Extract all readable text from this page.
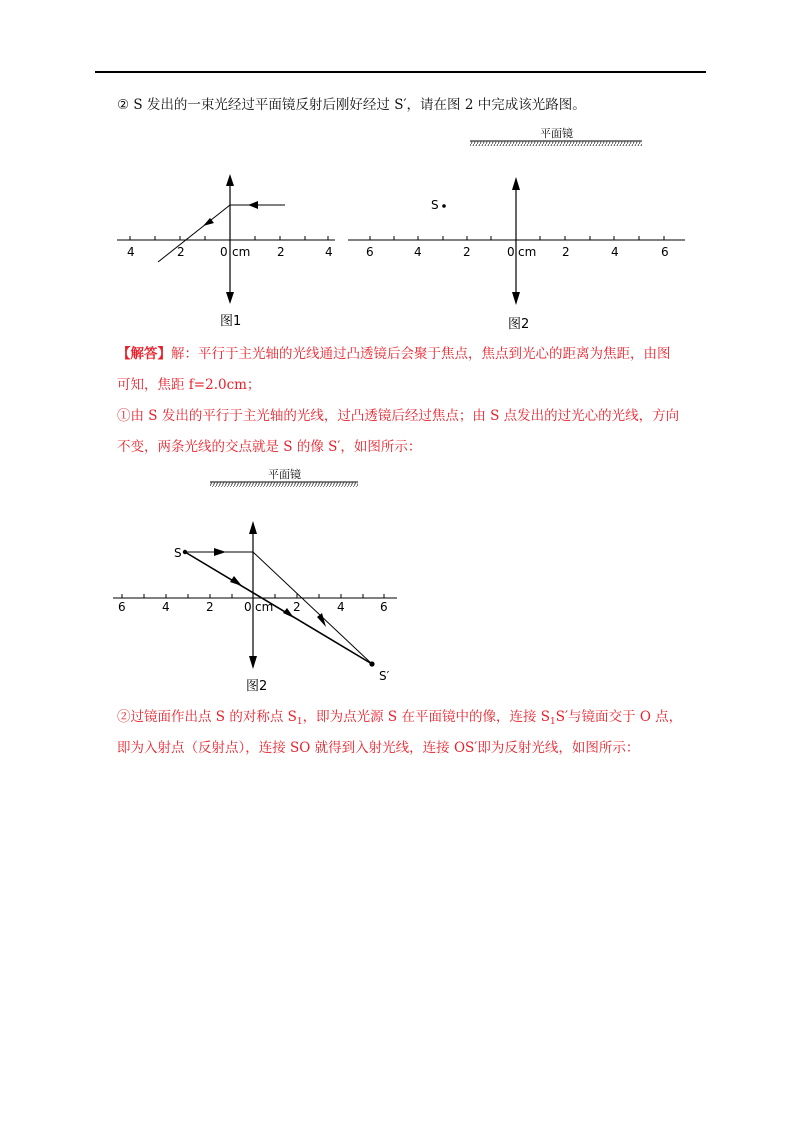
② S 发出的一束光经过平面镜反射后刚好经过 S′，请在图 2 中完成该光路图。
4	2	0 cm 2	4
图1
平面镜
S
6	4	2	0 cm 2	4	6
图2
平面镜
S
S′
6	4	2	0 cm 2	4	6
图2
【解答】解：平行于主光轴的光线通过凸透镜后会聚于焦点，焦点到光心的距离为焦距，由图
可知，焦距 f=2.0cm；
①由 S 发出的平行于主光轴的光线，过凸透镜后经过焦点；由 S 点发出的过光心的光线，方向
不变，两条光线的交点就是 S 的像 S′，如图所示：
②过镜面作出点 S 的对称点 $S_1$，即为点光源 S 在平面镜中的像，连接 $S_1S'$与镜面交于 O 点，
即为入射点（反射点），连接 SO 就得到入射光线，连接 OS′即为反射光线，如图所示：
